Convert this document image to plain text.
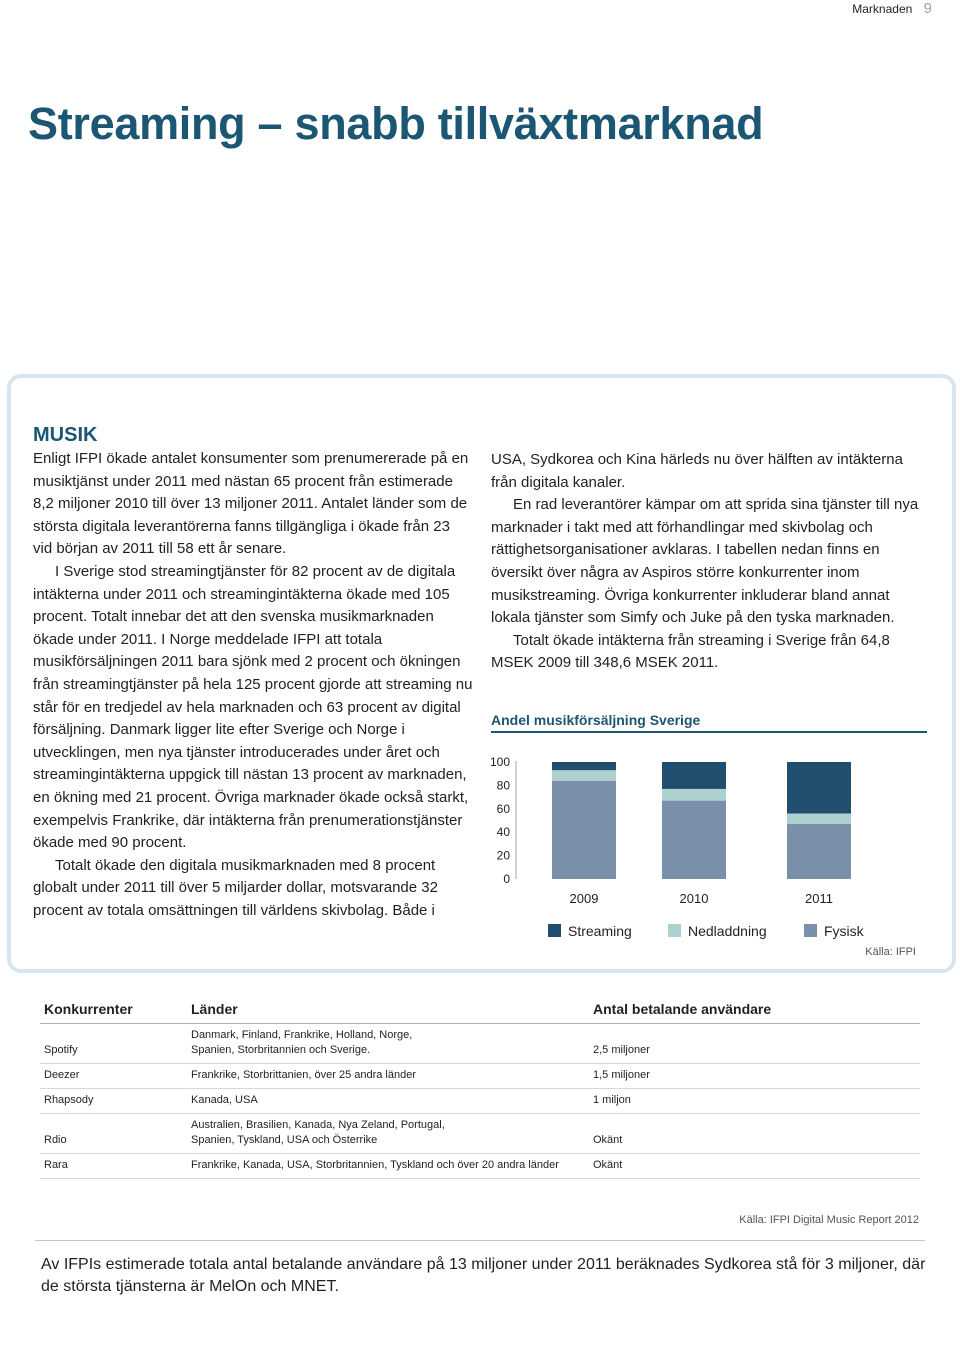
Marknaden 9
Streaming – snabb tillväxtmarknad
MUSIK

Enligt IFPI ökade antalet konsumenter som prenumererade på en musiktjänst under 2011 med nästan 65 procent från estimerade 8,2 miljoner 2010 till över 13 miljoner 2011. Antalet länder som de största digitala leverantörerna fanns tillgängliga i ökade från 23 vid början av 2011 till 58 ett år senare.

I Sverige stod streamingtjänster för 82 procent av de digitala intäkterna under 2011 och streamingintäkterna ökade med 105 procent. Totalt innebar det att den svenska musikmarknaden ökade under 2011. I Norge meddelade IFPI att totala musikförsäljningen 2011 bara sjönk med 2 procent och ökningen från streamingtjänster på hela 125 procent gjorde att streaming nu står för en tredjedel av hela marknaden och 63 procent av digital försäljning. Danmark ligger lite efter Sverige och Norge i utvecklingen, men nya tjänster introducerades under året och streamingintäkterna uppgick till nästan 13 procent av marknaden, en ökning med 21 procent. Övriga marknader ökade också starkt, exempelvis Frankrike, där intäkterna från prenumerationstjänster ökade med 90 procent.

Totalt ökade den digitala musikmarknaden med 8 procent globalt under 2011 till över 5 miljarder dollar, motsvarande 32 procent av totala omsättningen till världens skivbolag. Både i

USA, Sydkorea och Kina härleds nu över hälften av intäkterna från digitala kanaler.

En rad leverantörer kämpar om att sprida sina tjänster till nya marknader i takt med att förhandlingar med skivbolag och rättighetsorganisationer avklaras. I tabellen nedan finns en översikt över några av Aspiros större konkurrenter inom musikstreaming. Övriga konkurrenter inkluderar bland annat lokala tjänster som Simfy och Juke på den tyska marknaden.

Totalt ökade intäkterna från streaming i Sverige från 64,8 MSEK 2009 till 348,6 MSEK 2011.

Andel musikförsäljning Sverige
0
20
40
60
80
100
2009	2010	2011
Streaming	Nedladdning	Fysisk
Källa: IFPI
Konkurrenter	Länder	Antal betalande användare
Spotify	Danmark, Finland, Frankrike, Holland, Norge,
Spanien, Storbritannien och Sverige.	2,5 miljoner
Deezer	Frankrike, Storbrittanien, över 25 andra länder	1,5 miljoner
Rhapsody	Kanada, USA	1 miljon
Rdio	Australien, Brasilien, Kanada, Nya Zeland, Portugal,
Spanien, Tyskland, USA och Österrike	Okänt
Rara	Frankrike, Kanada, USA, Storbritannien, Tyskland och över 20 andra länder	Okänt
Källa: IFPI Digital Music Report 2012
Av IFPIs estimerade totala antal betalande användare på 13 miljoner under 2011 beräknades Sydkorea stå för 3 miljoner, där de största tjänsterna är MelOn och MNET.
